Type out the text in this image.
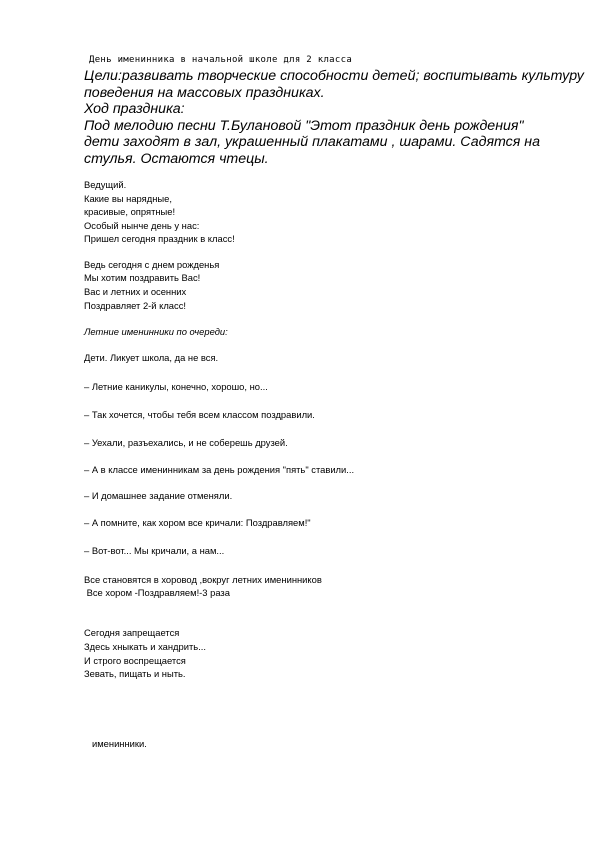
День именинника в начальной школе для 2 класса

Цели:развивать творческие способности детей; воспитывать культуру

поведения на массовых праздниках.

Ход праздника:

Под мелодию песни Т.Булановой "Этот праздник день рождения"

дети заходят в зал, украшенный плакатами , шарами. Садятся на

стулья. Остаются чтецы.

Ведущий.

Какие вы нарядные,

красивые, опрятные!

Особый нынче день у нас:

Пришел сегодня праздник в класс!

Ведь сегодня с днем рожденья

Мы хотим поздравить Вас!

Вас и летних и осенних

Поздравляет 2-й класс!

Летние именинники по очереди:

Дети. Ликует школа, да не вся.

– Летние каникулы, конечно, хорошо, но...

– Так хочется, чтобы тебя всем классом поздравили.

– Уехали, разъехались, и не соберешь друзей.

– А в классе именинникам за день рождения "пять" ставили...

– И домашнее задание отменяли.

– А помните, как хором все кричали: Поздравляем!"

– Вот-вот... Мы кричали, а нам...

Все становятся в хоровод ,вокруг летних именинников

Все хором -Поздравляем!-3 раза

Сегодня запрещается

Здесь хныкать и хандрить...

И строго воспрещается

Зевать, пищать и ныть.

именинники.
